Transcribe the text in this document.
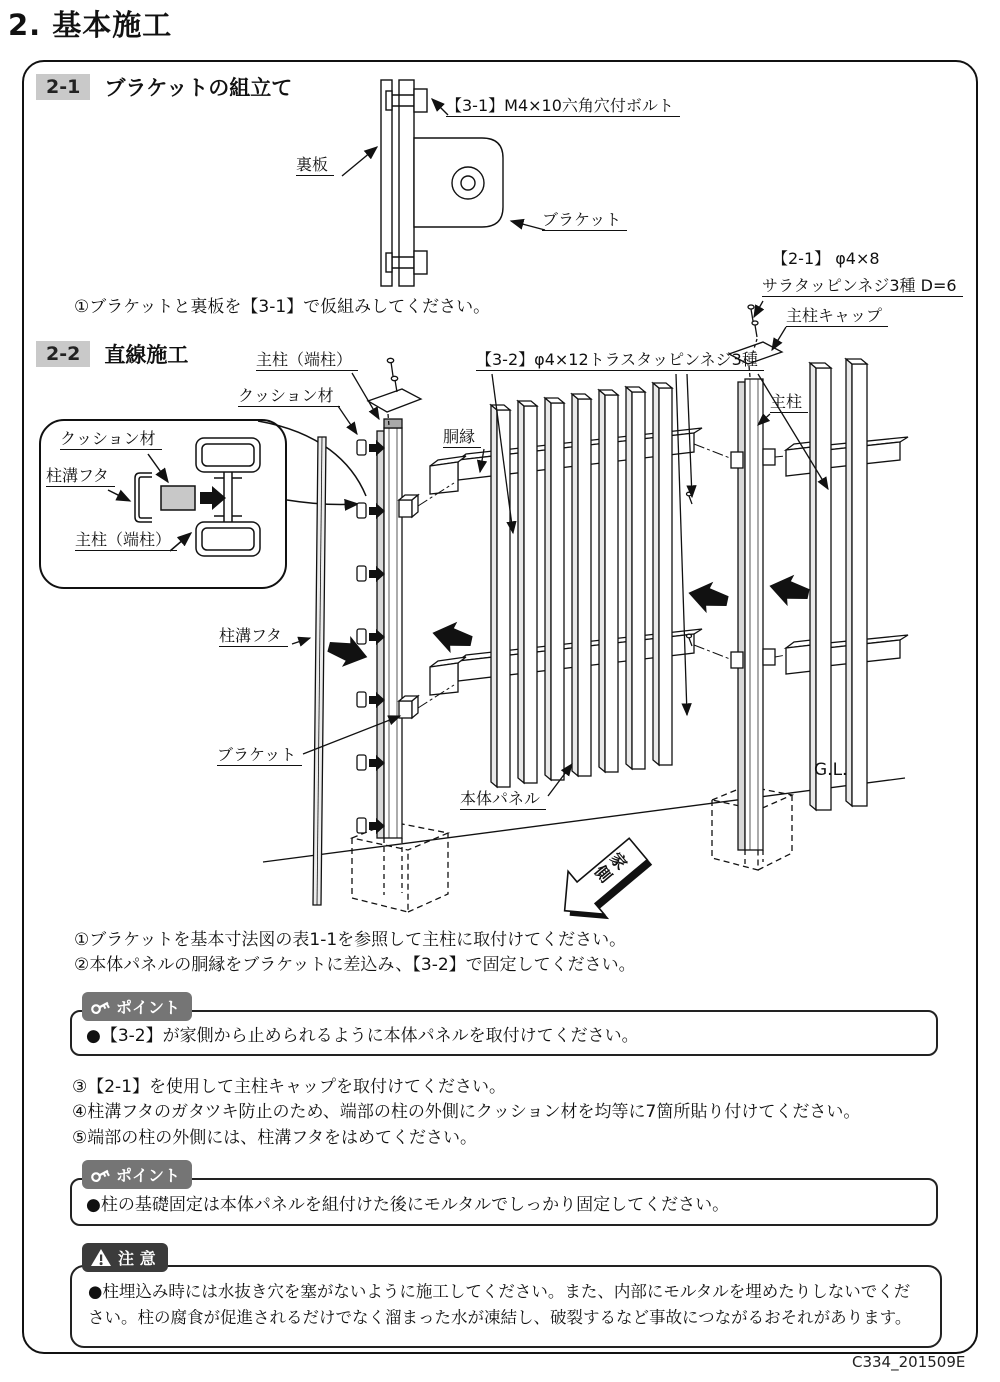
2. 基本施工
2-1	ブラケットの組立て
2-2	直線施工
【3-1】M4×10六角穴付ボルト
裏板
ブラケット
①ブラケットと裏板を【3-1】で仮組みしてください。
クッション材
柱溝フタ
主柱（端柱）
主柱（端柱）
クッション材
【3-2】φ4×12トラスタッピンネジ3種
【2-1】 φ4×8
サラタッピンネジ3種 D=6
主柱キャップ
主柱
胴縁
柱溝フタ
ブラケット
本体パネル
G.L.
家側
①ブラケットを基本寸法図の表1-1を参照して主柱に取付けてください。
②本体パネルの胴縁をブラケットに差込み、【3-2】で固定してください。
ポイント
●【3-2】が家側から止められるように本体パネルを取付けてください。
③【2-1】を使用して主柱キャップを取付けてください。
④柱溝フタのガタツキ防止のため、端部の柱の外側にクッション材を均等に7箇所貼り付けてください。
⑤端部の柱の外側には、柱溝フタをはめてください。
ポイント
●柱の基礎固定は本体パネルを組付けた後にモルタルでしっかり固定してください。
注 意
●柱埋込み時には水抜き穴を塞がないように施工してください。また、内部にモルタルを埋めたりしないでください。柱の腐食が促進されるだけでなく溜まった水が凍結し、破裂するなど事故につながるおそれがあります。
C334_201509E
